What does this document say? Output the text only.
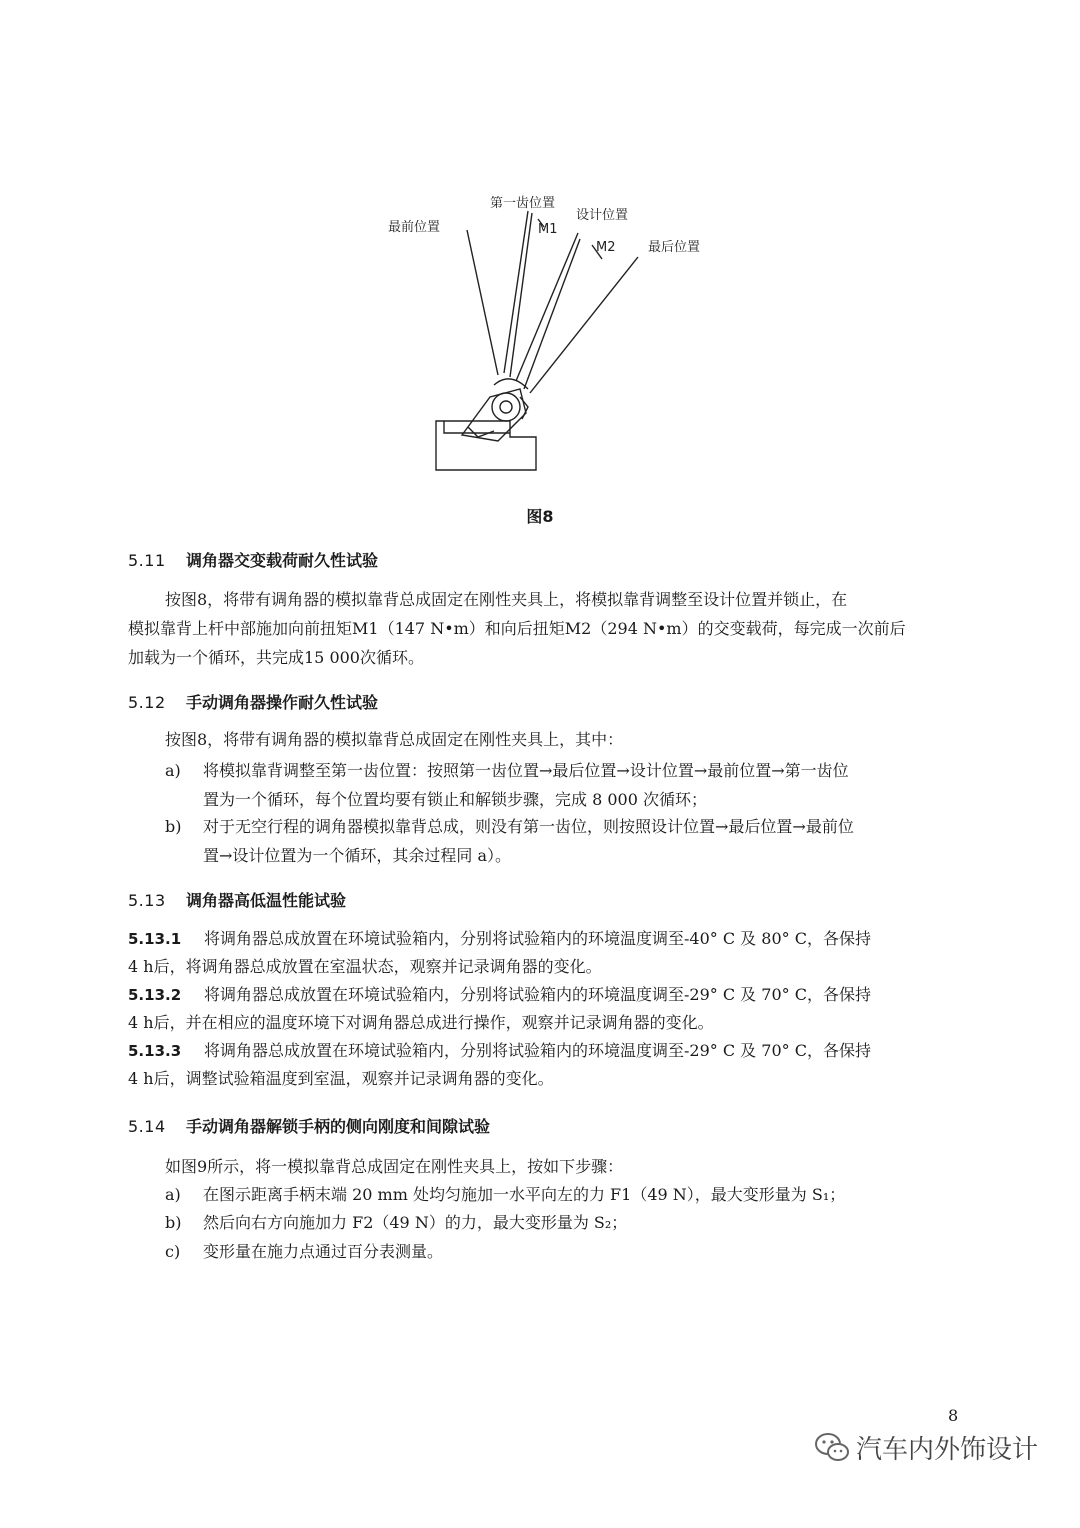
最前位置
第一齿位置
设计位置
最后位置
M1
M2
图8
5.11 调角器交变载荷耐久性试验
按图8，将带有调角器的模拟靠背总成固定在刚性夹具上，将模拟靠背调整至设计位置并锁止，在
模拟靠背上杆中部施加向前扭矩M1（147 N•m）和向后扭矩M2（294 N•m）的交变载荷，每完成一次前后
加载为一个循环，共完成15 000次循环。
5.12 手动调角器操作耐久性试验
按图8，将带有调角器的模拟靠背总成固定在刚性夹具上，其中：
a) 将模拟靠背调整至第一齿位置：按照第一齿位置→最后位置→设计位置→最前位置→第一齿位
置为一个循环，每个位置均要有锁止和解锁步骤，完成 8 000 次循环；
b) 对于无空行程的调角器模拟靠背总成，则没有第一齿位，则按照设计位置→最后位置→最前位
置→设计位置为一个循环，其余过程同 a）。
5.13 调角器高低温性能试验
5.13.1 将调角器总成放置在环境试验箱内，分别将试验箱内的环境温度调至-40° C 及 80° C，各保持
4 h后，将调角器总成放置在室温状态，观察并记录调角器的变化。
5.13.2 将调角器总成放置在环境试验箱内，分别将试验箱内的环境温度调至-29° C 及 70° C，各保持
4 h后，并在相应的温度环境下对调角器总成进行操作，观察并记录调角器的变化。
5.13.3 将调角器总成放置在环境试验箱内，分别将试验箱内的环境温度调至-29° C 及 70° C，各保持
4 h后，调整试验箱温度到室温，观察并记录调角器的变化。
5.14 手动调角器解锁手柄的侧向刚度和间隙试验
如图9所示，将一模拟靠背总成固定在刚性夹具上，按如下步骤：
a) 在图示距离手柄末端 20 mm 处均匀施加一水平向左的力 F1（49 N），最大变形量为 S₁；
b) 然后向右方向施加力 F2（49 N）的力，最大变形量为 S₂；
c) 变形量在施力点通过百分表测量。
8
汽车内外饰设计
